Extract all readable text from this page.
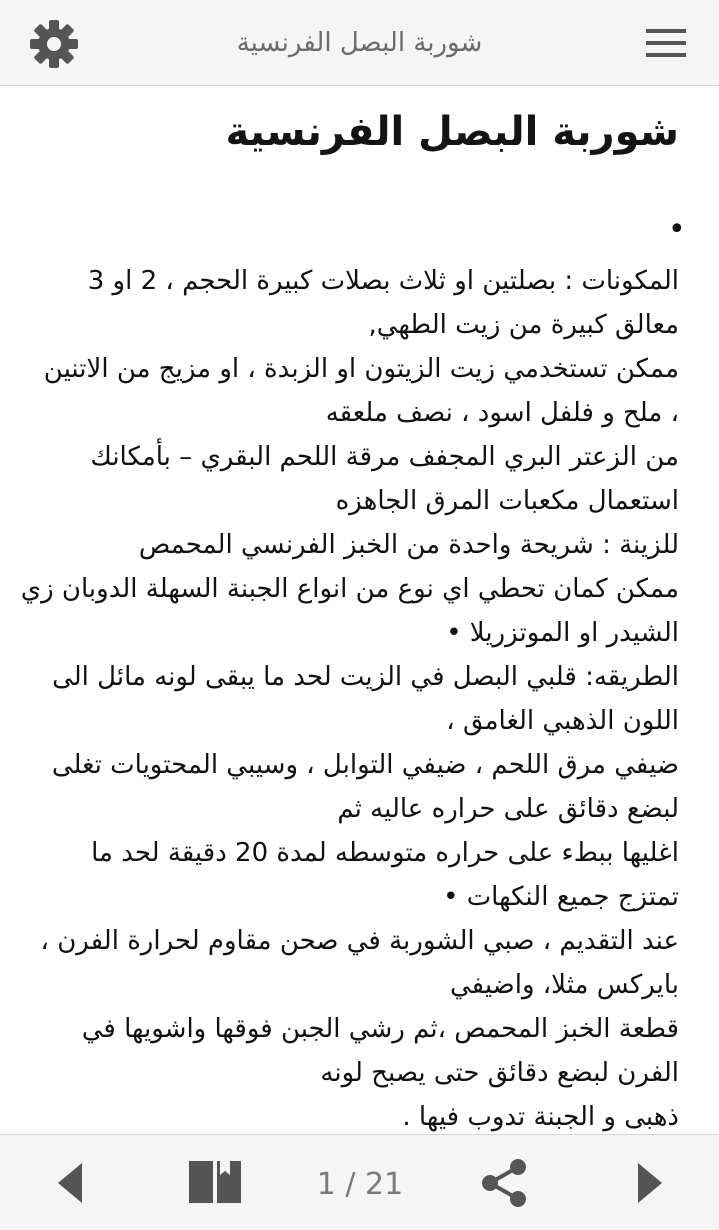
شوربة البصل الفرنسية
شوربة البصل الفرنسية
•
المكونات : بصلتين او ثلاث بصلات كبيرة الحجم ، 2 او 3
معالق كبيرة من زيت الطهي,
ممكن تستخدمي زيت الزيتون او الزبدة ، او مزيج من الاتنين
، ملح و فلفل اسود ، نصف ملعقه
من الزعتر البري المجفف مرقة اللحم البقري – بأمكانك
استعمال مكعبات المرق الجاهزه
للزينة : شريحة واحدة من الخبز الفرنسي المحمص
ممكن كمان تحطي اي نوع من انواع الجبنة السهلة الدوبان زي
الشيدر او الموتزريلا •
الطريقه: قلبي البصل في الزيت لحد ما يبقى لونه مائل الى
اللون الذهبي الغامق ،
ضيفي مرق اللحم ، ضيفي التوابل ، وسيبي المحتويات تغلى
لبضع دقائق على حراره عاليه ثم
اغليها ببطء على حراره متوسطه لمدة 20 دقيقة لحد ما
تمتزج جميع النكهات •
عند التقديم ، صبي الشوربة في صحن مقاوم لحرارة الفرن ،
بايركس مثلا، واضيفي
قطعة الخبز المحمص ،ثم رشي الجبن فوقها واشويها في
الفرن لبضع دقائق حتى يصبح لونه
ذهبى و الجبنة تدوب فيها .
1 / 21
